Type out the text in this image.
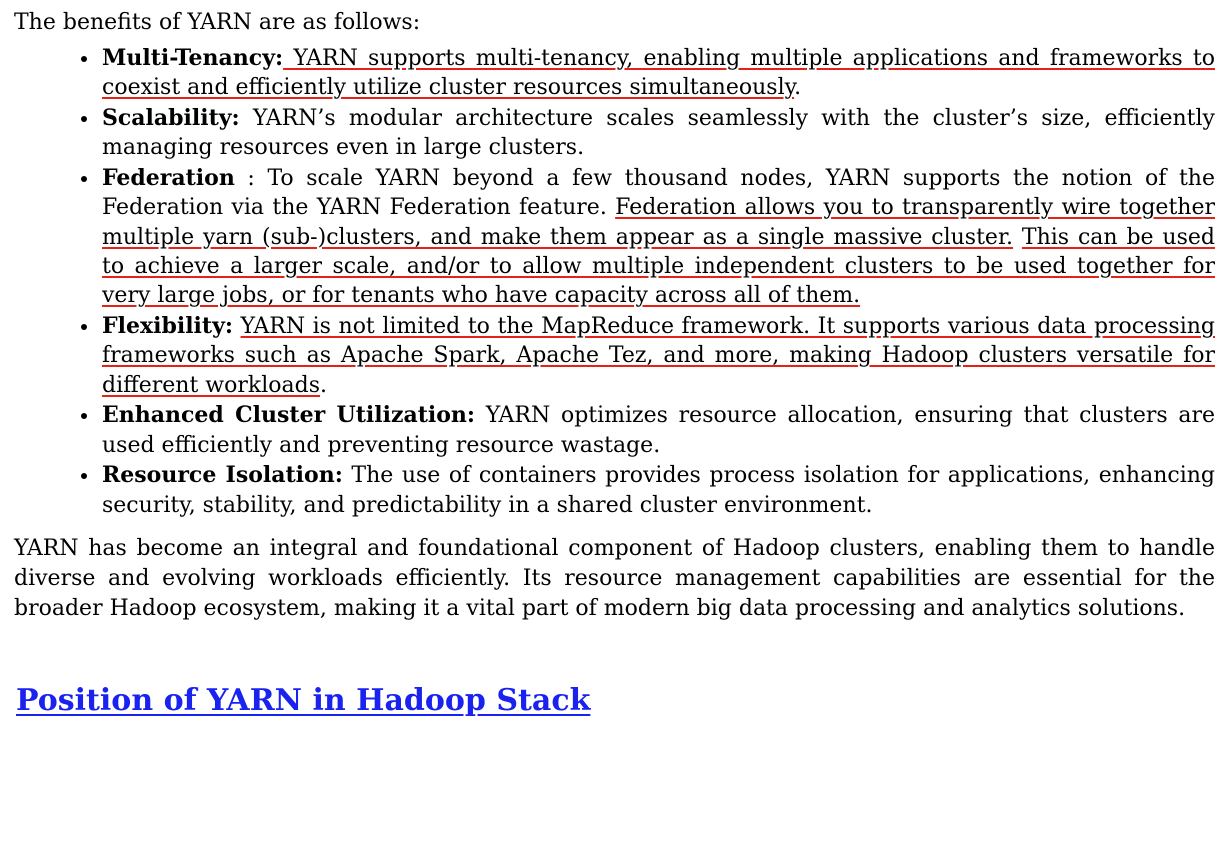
The benefits of YARN are as follows:

• Multi-Tenancy: YARN supports multi-tenancy, enabling multiple applications and frameworks to coexist and efficiently utilize cluster resources simultaneously.
• Scalability: YARN’s modular architecture scales seamlessly with the cluster’s size, efficiently managing resources even in large clusters.
• Federation : To scale YARN beyond a few thousand nodes, YARN supports the notion of the Federation via the YARN Federation feature. Federation allows you to transparently wire together multiple yarn (sub-)clusters, and make them appear as a single massive cluster. This can be used to achieve a larger scale, and/or to allow multiple independent clusters to be used together for very large jobs, or for tenants who have capacity across all of them.
• Flexibility: YARN is not limited to the MapReduce framework. It supports various data processing frameworks such as Apache Spark, Apache Tez, and more, making Hadoop clusters versatile for different workloads.
• Enhanced Cluster Utilization: YARN optimizes resource allocation, ensuring that clusters are used efficiently and preventing resource wastage.
• Resource Isolation: The use of containers provides process isolation for applications, enhancing security, stability, and predictability in a shared cluster environment.

YARN has become an integral and foundational component of Hadoop clusters, enabling them to handle diverse and evolving workloads efficiently. Its resource management capabilities are essential for the broader Hadoop ecosystem, making it a vital part of modern big data processing and analytics solutions.

Position of YARN in Hadoop Stack
